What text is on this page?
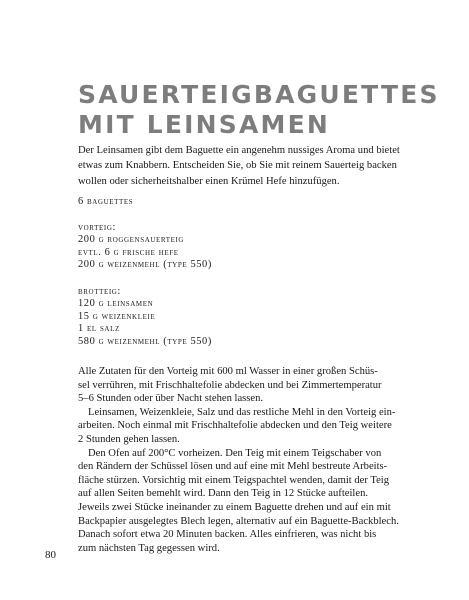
SAUERTEIGBAGUETTES
MIT LEINSAMEN

Der Leinsamen gibt dem Baguette ein angenehm nussiges Aroma und bietet
etwas zum Knabbern. Entscheiden Sie, ob Sie mit reinem Sauerteig backen
wollen oder sicherheitshalber einen Krümel Hefe hinzufügen.

6 baguettes
vorteig:
200 g roggensauerteig
evtl. 6 g frische hefe
200 g weizenmehl (type 550)
brotteig:
120 g leinsamen
15 g weizenkleie
1 el salz
580 g weizenmehl (type 550)
Alle Zutaten für den Vorteig mit 600 ml Wasser in einer großen Schüs-
sel verrühren, mit Frischhaltefolie abdecken und bei Zimmertemperatur
5–6 Stunden oder über Nacht stehen lassen.
Leinsamen, Weizenkleie, Salz und das restliche Mehl in den Vorteig ein-
arbeiten. Noch einmal mit Frischhaltefolie abdecken und den Teig weitere
2 Stunden gehen lassen.
Den Ofen auf 200°C vorheizen. Den Teig mit einem Teigschaber von
den Rändern der Schüssel lösen und auf eine mit Mehl bestreute Arbeits-
fläche stürzen. Vorsichtig mit einem Teigspachtel wenden, damit der Teig
auf allen Seiten bemehlt wird. Dann den Teig in 12 Stücke aufteilen.
Jeweils zwei Stücke ineinander zu einem Baguette drehen und auf ein mit
Backpapier ausgelegtes Blech legen, alternativ auf ein Baguette-Backblech.
Danach sofort etwa 20 Minuten backen. Alles einfrieren, was nicht bis
zum nächsten Tag gegessen wird.

80
